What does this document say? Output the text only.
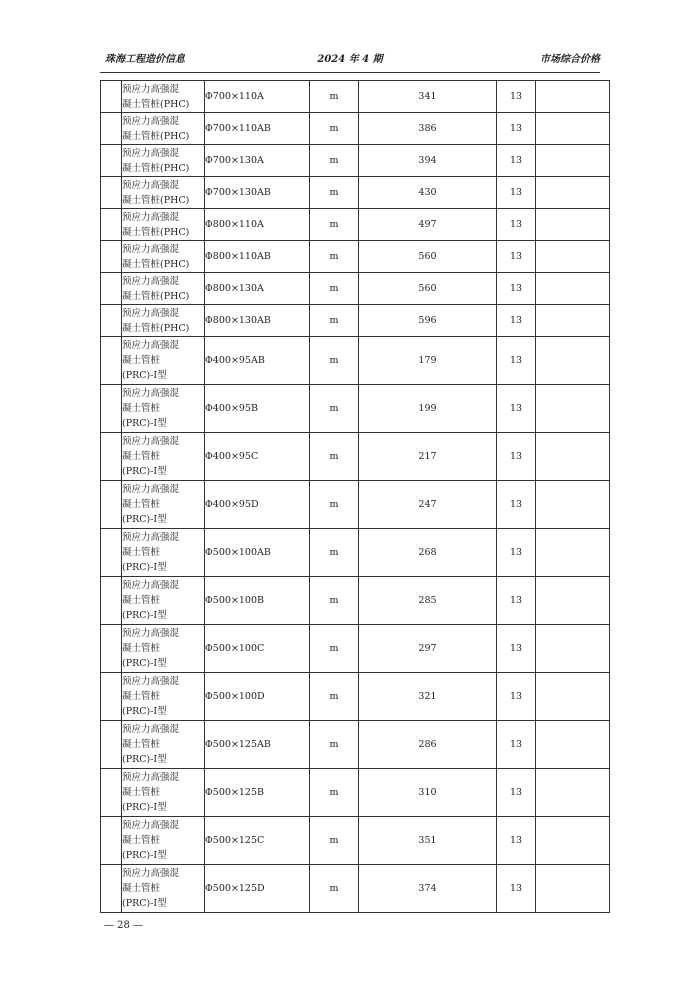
珠海工程造价信息	2024 年 4 期	市场综合价格

	预应力高强混
凝土管桩(PHC)	Φ700×110A	m	341	13	

	预应力高强混
凝土管桩(PHC)	Φ700×110AB	m	386	13	

	预应力高强混
凝土管桩(PHC)	Φ700×130A	m	394	13	

	预应力高强混
凝土管桩(PHC)	Φ700×130AB	m	430	13	

	预应力高强混
凝土管桩(PHC)	Φ800×110A	m	497	13	

	预应力高强混
凝土管桩(PHC)	Φ800×110AB	m	560	13	

	预应力高强混
凝土管桩(PHC)	Φ800×130A	m	560	13	

	预应力高强混
凝土管桩(PHC)	Φ800×130AB	m	596	13	

	预应力高强混
凝土管桩
(PRC)-Ⅰ型	Φ400×95AB	m	179	13	

	预应力高强混
凝土管桩
(PRC)-Ⅰ型	Φ400×95B	m	199	13	

	预应力高强混
凝土管桩
(PRC)-Ⅰ型	Φ400×95C	m	217	13	

	预应力高强混
凝土管桩
(PRC)-Ⅰ型	Φ400×95D	m	247	13	

	预应力高强混
凝土管桩
(PRC)-Ⅰ型	Φ500×100AB	m	268	13	

	预应力高强混
凝土管桩
(PRC)-Ⅰ型	Φ500×100B	m	285	13	

	预应力高强混
凝土管桩
(PRC)-Ⅰ型	Φ500×100C	m	297	13	

	预应力高强混
凝土管桩
(PRC)-Ⅰ型	Φ500×100D	m	321	13	

	预应力高强混
凝土管桩
(PRC)-Ⅰ型	Φ500×125AB	m	286	13	

	预应力高强混
凝土管桩
(PRC)-Ⅰ型	Φ500×125B	m	310	13	

	预应力高强混
凝土管桩
(PRC)-Ⅰ型	Φ500×125C	m	351	13	

	预应力高强混
凝土管桩
(PRC)-Ⅰ型	Φ500×125D	m	374	13	
— 28 —
